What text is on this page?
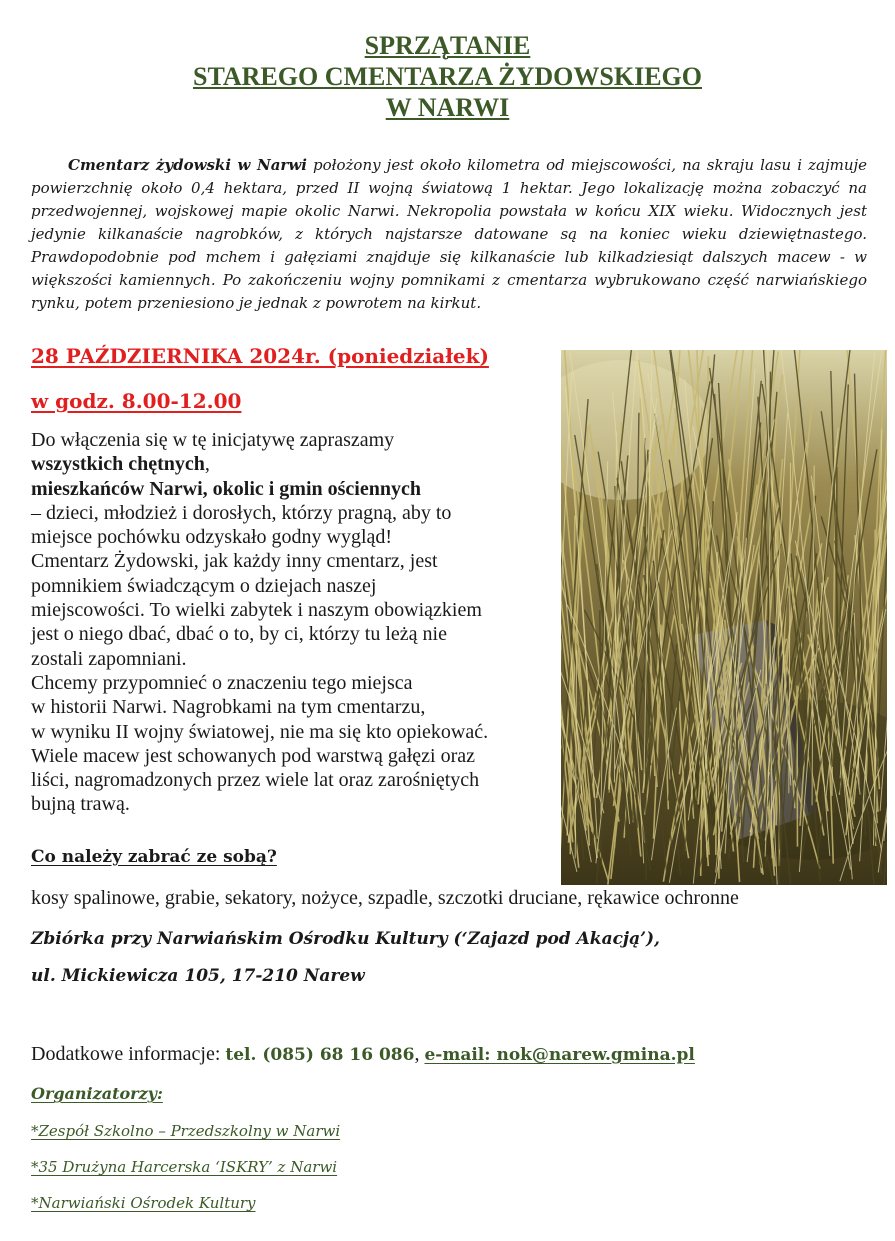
SPRZĄTANIE
STAREGO CMENTARZA ŻYDOWSKIEGO
W NARWI

Cmentarz żydowski w Narwi położony jest około kilometra od miejscowości, na skraju lasu i zajmuje powierzchnię około 0,4 hektara, przed II wojną światową 1 hektar. Jego lokalizację można zobaczyć na przedwojennej, wojskowej mapie okolic Narwi. Nekropolia powstała w końcu XIX wieku. Widocznych jest jedynie kilkanaście nagrobków, z których najstarsze datowane są na koniec wieku dziewiętnastego. Prawdopodobnie pod mchem i gałęziami znajduje się kilkanaście lub kilkadziesiąt dalszych macew - w większości kamiennych. Po zakończeniu wojny pomnikami z cmentarza wybrukowano część narwiańskiego rynku, potem przeniesiono je jednak z powrotem na kirkut.

28 PAŹDZIERNIKA 2024r. (poniedziałek)
w godz. 8.00-12.00
Do włączenia się w tę inicjatywę zapraszamy
wszystkich chętnych,
mieszkańców Narwi, okolic i gmin ościennych
– dzieci, młodzież i dorosłych, którzy pragną, aby to
miejsce pochówku odzyskało godny wygląd!
Cmentarz Żydowski, jak każdy inny cmentarz, jest
pomnikiem świadczącym o dziejach naszej
miejscowości. To wielki zabytek i naszym obowiązkiem
jest o niego dbać, dbać o to, by ci, którzy tu leżą nie
zostali zapomniani.
Chcemy przypomnieć o znaczeniu tego miejsca
w historii Narwi. Nagrobkami na tym cmentarzu,
w wyniku II wojny światowej, nie ma się kto opiekować.
Wiele macew jest schowanych pod warstwą gałęzi oraz
liści, nagromadzonych przez wiele lat oraz zarośniętych
bujną trawą.
Co należy zabrać ze sobą?
kosy spalinowe, grabie, sekatory, nożyce, szpadle, szczotki druciane, rękawice ochronne
Zbiórka przy Narwiańskim Ośrodku Kultury (‘Zajazd pod Akacją’),
ul. Mickiewicza 105, 17-210 Narew
Dodatkowe informacje: tel. (085) 68 16 086, e-mail: nok@narew.gmina.pl
Organizatorzy:
*Zespół Szkolno – Przedszkolny w Narwi
*35 Drużyna Harcerska ‘ISKRY’ z Narwi
*Narwiański Ośrodek Kultury
